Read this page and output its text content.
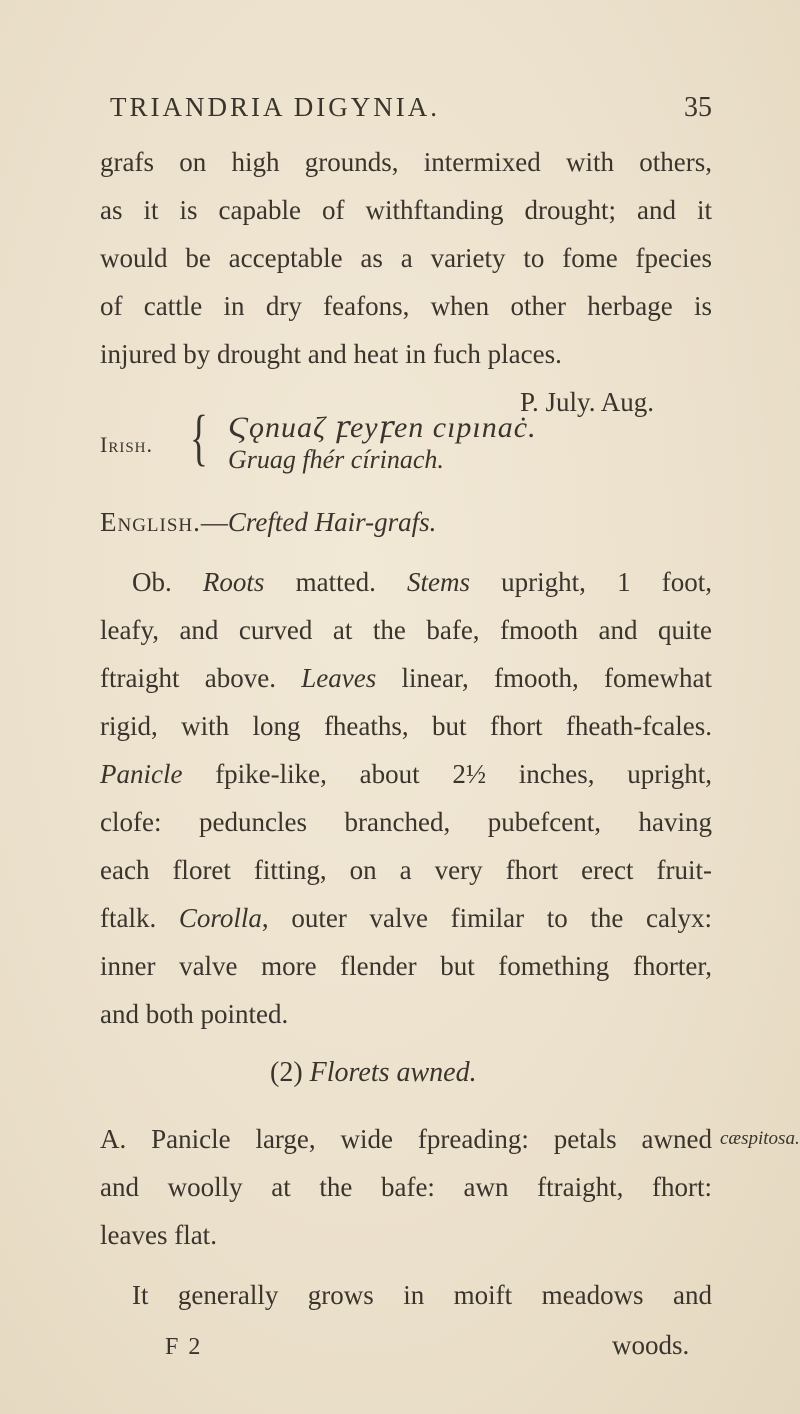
TRIANDRIA DIGYNIA.	35
grafs on high grounds, intermixed with others,
as it is capable of withftanding drought; and it
would be acceptable as a variety to fome fpecies
of cattle in dry feafons, when other herbage is
injured by drought and heat in fuch places.
P. July. Aug.
Irish. { Ϛǫnuaζ ꝼeyꝼen cıpınaċ.
Gruag fhér círinach.
English.—Crefted Hair-grafs.
Ob. Roots matted. Stems upright, 1 foot,
leafy, and curved at the bafe, fmooth and quite
ftraight above. Leaves linear, fmooth, fomewhat
rigid, with long fheaths, but fhort fheath-fcales.
Panicle fpike-like, about 2½ inches, upright,
clofe: peduncles branched, pubefcent, having
each floret fitting, on a very fhort erect fruit-
ftalk. Corolla, outer valve fimilar to the calyx:
inner valve more flender but fomething fhorter,
and both pointed.
(2) Florets awned.
A. Panicle large, wide fpreading: petals awned cæspitosa.
and woolly at the bafe: awn ftraight, fhort:
leaves flat.
It generally grows in moift meadows and
F 2	woods.
